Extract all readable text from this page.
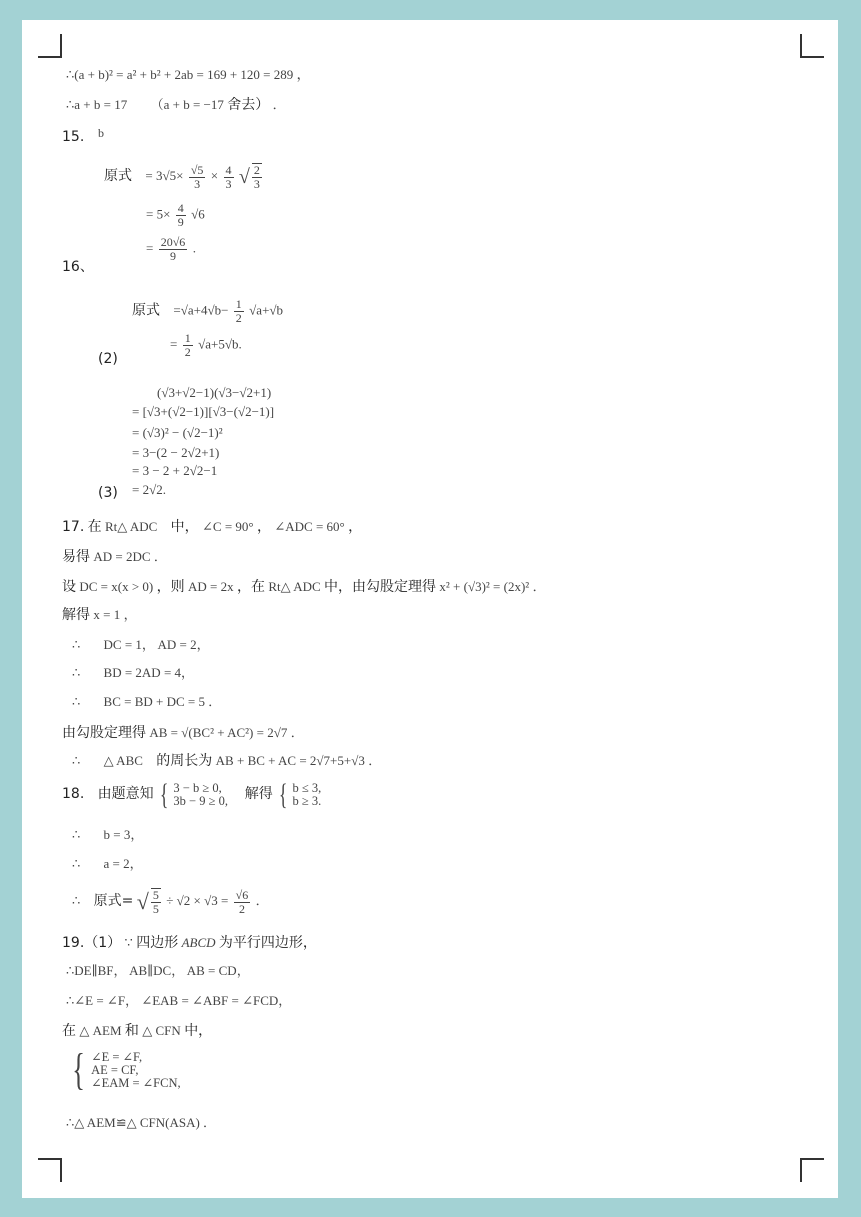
∴(a + b)² = a² + b² + 2ab = 169 + 120 = 289 ，
∴a + b = 17 （a + b = −17 舍去） ．
15. b
原式 = $3√5\times \frac{√5}{3} \times \frac{4}{3}$ √ $\frac{2}{3}$
= $5\times \frac{4}{9} √6$
= $\frac{20√6}{9}$ .
16、
原式 $=√a+4√b- \frac{1}{2} √a+√b$
= $\frac{1}{2} √a+5√b$.
(2)
(√3+√2−1)(√3−√2+1)
= [√3+(√2−1)][√3−(√2−1)]
= (√3)² − (√2−1)²
= 3−(2 − 2√2+1)
= 3 − 2 + 2√2−1
= 2√2.
(3)
17. 在 Rt△ ADC 中， ∠C = 90° ， ∠ADC = 60° ，
易得 AD = 2DC ．
设 DC = x(x > 0) ，则 AD = 2x ，在 Rt△ ADC 中，由勾股定理得 x² + (√3)² = (2x)² ．
解得 x = 1 ，
∴ DC = 1， AD = 2，
∴ BD = 2AD = 4，
∴ BC = BD + DC = 5 ．
由勾股定理得 AB = √(BC² + AC²) = 2√7 ．
∴ △ ABC 的周长为 AB + BC + AC = 2√7+5+√3 ．
18. 由题意知 { 3 − b ≥ 0,
3b − 9 ≥ 0, 解得 { b ≤ 3,
b ≥ 3.
∴ b = 3，
∴ a = 2，
∴ 原式= √ $\frac{5}{5} \div √2 \times √3 = \frac{√6}{2}$ ．
19.（1） ∵ 四边形 ABCD 为平行四边形，
∴DE∥BF， AB∥DC， AB = CD，
∴∠E = ∠F， ∠EAB = ∠ABF = ∠FCD，
在 △ AEM 和 △ CFN 中，
{ ∠E = ∠F,
AE = CF,
∠EAM = ∠FCN,
∴△ AEM≌△ CFN(ASA) ．
